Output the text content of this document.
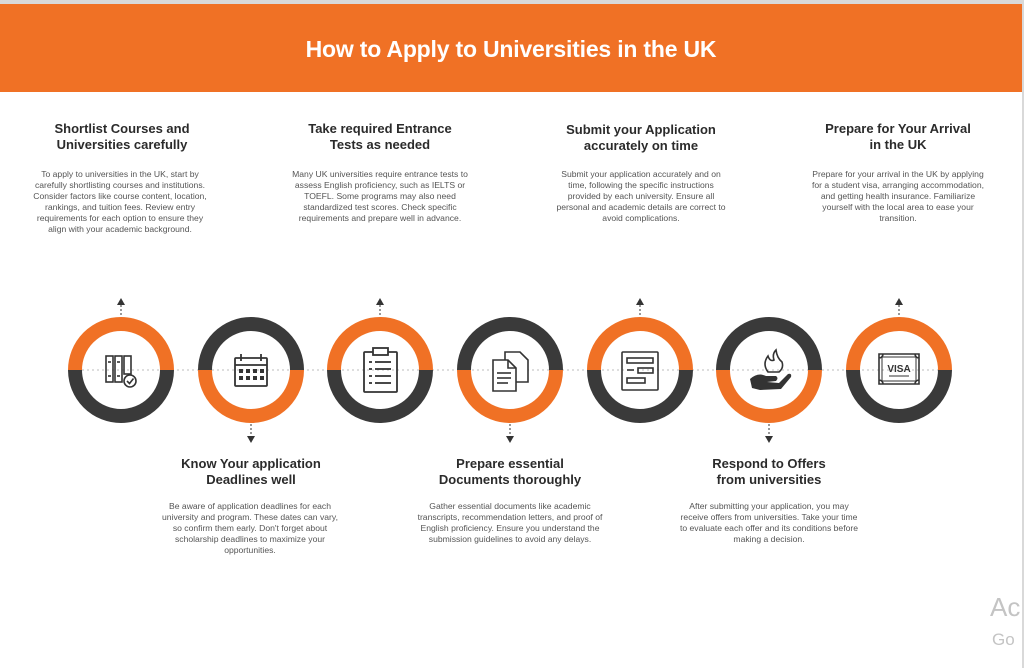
How to Apply to Universities in the UK
Shortlist Courses and
Universities carefully
To apply to universities in the UK, start by carefully shortlisting courses and institutions. Consider factors like course content, location, rankings, and tuition fees. Review entry requirements for each option to ensure they align with your academic background.
Know Your application
Deadlines well
Be aware of application deadlines for each university and program. These dates can vary, so confirm them early. Don't forget about scholarship deadlines to maximize your opportunities.
Take required Entrance
Tests as needed
Many UK universities require entrance tests to assess English proficiency, such as IELTS or TOEFL. Some programs may also need standardized test scores. Check specific requirements and prepare well in advance.
Prepare essential
Documents thoroughly
Gather essential documents like academic transcripts, recommendation letters, and proof of English proficiency. Ensure you understand the submission guidelines to avoid any delays.
Submit your Application
accurately on time
Submit your application accurately and on time, following the specific instructions provided by each university. Ensure all personal and academic details are correct to avoid complications.
Respond to Offers
from universities
After submitting your application, you may receive offers from universities. Take your time to evaluate each offer and its conditions before making a decision.
Prepare for Your Arrival
in the UK
Prepare for your arrival in the UK by applying for a student visa, arranging accommodation, and getting health insurance. Familiarize yourself with the local area to ease your transition.
VISA
Ac
Go
